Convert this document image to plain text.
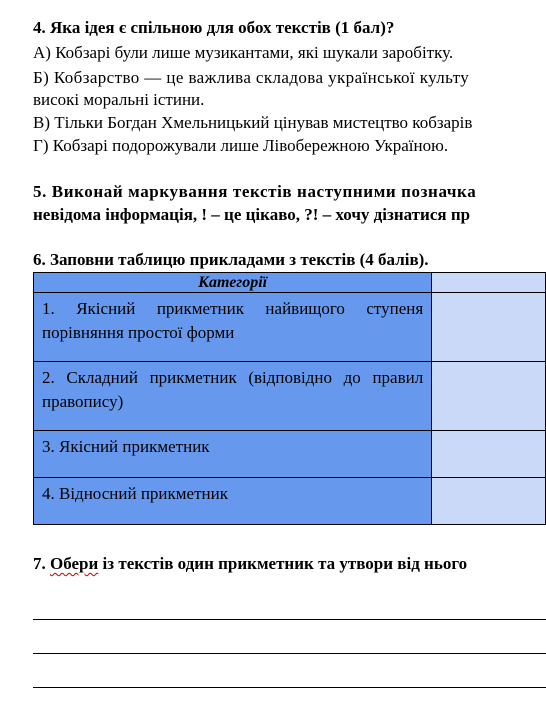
4. Яка ідея є спільною для обох текстів (1 бал)?
А) Кобзарі були лише музикантами, які шукали заробітку.
Б) Кобзарство — це важлива складова української культу
високі моральні істини.
В) Тільки Богдан Хмельницький цінував мистецтво кобзарів
Г) Кобзарі подорожували лише Лівобережною Україною.
5. Виконай маркування текстів наступними позначка
невідома інформація, ! – це цікаво, ?! – хочу дізнатися пр
6. Заповни таблицю прикладами з текстів (4 балів).
Категорії	
1. Якісний прикметник найвищого ступеня порівняння простої форми	
2. Складний прикметник (відповідно до правил правопису)	
3. Якісний прикметник	
4. Відносний прикметник	
7. Обери із текстів один прикметник та утвори від нього
